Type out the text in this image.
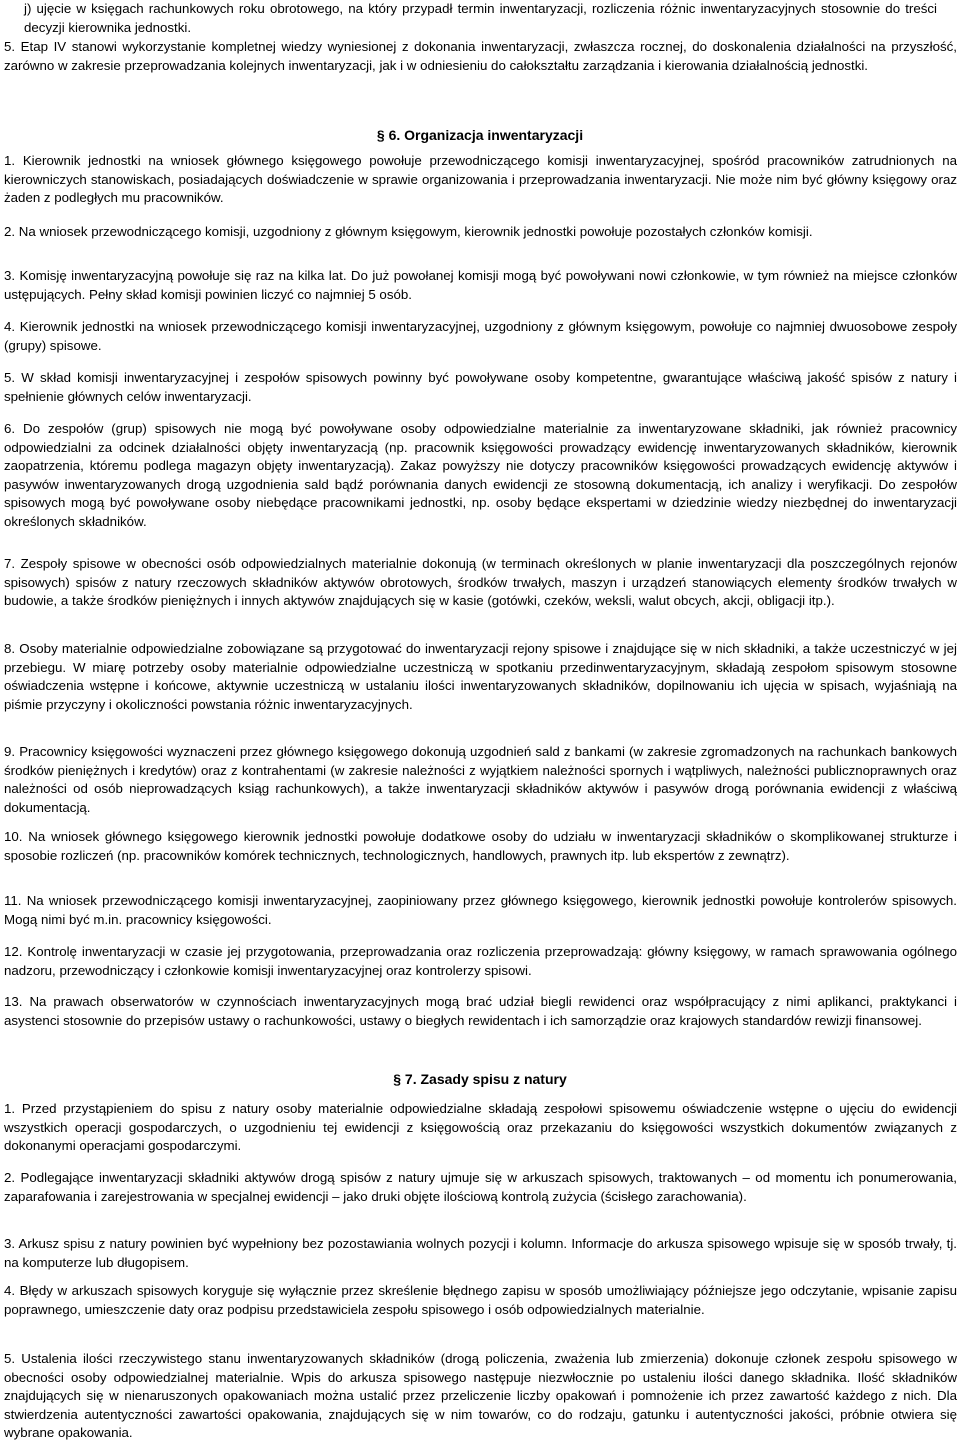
j) ujęcie w księgach rachunkowych roku obrotowego, na który przypadł termin inwentaryzacji, rozliczenia różnic inwentaryzacyjnych stosownie do treści decyzji kierownika jednostki.

5. Etap IV stanowi wykorzystanie kompletnej wiedzy wyniesionej z dokonania inwentaryzacji, zwłaszcza rocznej, do doskonalenia działalności na przyszłość, zarówno w zakresie przeprowadzania kolejnych inwentaryzacji, jak i w odniesieniu do całokształtu zarządzania i kierowania działalnością jednostki.

§ 6. Organizacja inwentaryzacji

1. Kierownik jednostki na wniosek głównego księgowego powołuje przewodniczącego komisji inwentaryzacyjnej, spośród pracowników zatrudnionych na kierowniczych stanowiskach, posiadających doświadczenie w sprawie organizowania i przeprowadzania inwentaryzacji. Nie może nim być główny księgowy oraz żaden z podległych mu pracowników.

2. Na wniosek przewodniczącego komisji, uzgodniony z głównym księgowym, kierownik jednostki powołuje pozostałych członków komisji.

3. Komisję inwentaryzacyjną powołuje się raz na kilka lat. Do już powołanej komisji mogą być powoływani nowi członkowie, w tym również na miejsce członków ustępujących. Pełny skład komisji powinien liczyć co najmniej 5 osób.

4. Kierownik jednostki na wniosek przewodniczącego komisji inwentaryzacyjnej, uzgodniony z głównym księgowym, powołuje co najmniej dwuosobowe zespoły (grupy) spisowe.

5. W skład komisji inwentaryzacyjnej i zespołów spisowych powinny być powoływane osoby kompetentne, gwarantujące właściwą jakość spisów z natury i spełnienie głównych celów inwentaryzacji.

6. Do zespołów (grup) spisowych nie mogą być powoływane osoby odpowiedzialne materialnie za inwentaryzowane składniki, jak również pracownicy odpowiedzialni za odcinek działalności objęty inwentaryzacją (np. pracownik księgowości prowadzący ewidencję inwentaryzowanych składników, kierownik zaopatrzenia, któremu podlega magazyn objęty inwentaryzacją). Zakaz powyższy nie dotyczy pracowników księgowości prowadzących ewidencję aktywów i pasywów inwentaryzowanych drogą uzgodnienia sald bądź porównania danych ewidencji ze stosowną dokumentacją, ich analizy i weryfikacji. Do zespołów spisowych mogą być powoływane osoby niebędące pracownikami jednostki, np. osoby będące ekspertami w dziedzinie wiedzy niezbędnej do inwentaryzacji określonych składników.

7. Zespoły spisowe w obecności osób odpowiedzialnych materialnie dokonują (w terminach określonych w planie inwentaryzacji dla poszczególnych rejonów spisowych) spisów z natury rzeczowych składników aktywów obrotowych, środków trwałych, maszyn i urządzeń stanowiących elementy środków trwałych w budowie, a także środków pieniężnych i innych aktywów znajdujących się w kasie (gotówki, czeków, weksli, walut obcych, akcji, obligacji itp.).

8. Osoby materialnie odpowiedzialne zobowiązane są przygotować do inwentaryzacji rejony spisowe i znajdujące się w nich składniki, a także uczestniczyć w jej przebiegu. W miarę potrzeby osoby materialnie odpowiedzialne uczestniczą w spotkaniu przedinwentaryzacyjnym, składają zespołom spisowym stosowne oświadczenia wstępne i końcowe, aktywnie uczestniczą w ustalaniu ilości inwentaryzowanych składników, dopilnowaniu ich ujęcia w spisach, wyjaśniają na piśmie przyczyny i okoliczności powstania różnic inwentaryzacyjnych.

9. Pracownicy księgowości wyznaczeni przez głównego księgowego dokonują uzgodnień sald z bankami (w zakresie zgromadzonych na rachunkach bankowych środków pieniężnych i kredytów) oraz z kontrahentami (w zakresie należności z wyjątkiem należności spornych i wątpliwych, należności publicznoprawnych oraz należności od osób nieprowadzących ksiąg rachunkowych), a także inwentaryzacji składników aktywów i pasywów drogą porównania ewidencji z właściwą dokumentacją.

10. Na wniosek głównego księgowego kierownik jednostki powołuje dodatkowe osoby do udziału w inwentaryzacji składników o skomplikowanej strukturze i sposobie rozliczeń (np. pracowników komórek technicznych, technologicznych, handlowych, prawnych itp. lub ekspertów z zewnątrz).

11. Na wniosek przewodniczącego komisji inwentaryzacyjnej, zaopiniowany przez głównego księgowego, kierownik jednostki powołuje kontrolerów spisowych. Mogą nimi być m.in. pracownicy księgowości.

12. Kontrolę inwentaryzacji w czasie jej przygotowania, przeprowadzania oraz rozliczenia przeprowadzają: główny księgowy, w ramach sprawowania ogólnego nadzoru, przewodniczący i członkowie komisji inwentaryzacyjnej oraz kontrolerzy spisowi.

13. Na prawach obserwatorów w czynnościach inwentaryzacyjnych mogą brać udział biegli rewidenci oraz współpracujący z nimi aplikanci, praktykanci i asystenci stosownie do przepisów ustawy o rachunkowości, ustawy o biegłych rewidentach i ich samorządzie oraz krajowych standardów rewizji finansowej.

§ 7. Zasady spisu z natury

1. Przed przystąpieniem do spisu z natury osoby materialnie odpowiedzialne składają zespołowi spisowemu oświadczenie wstępne o ujęciu do ewidencji wszystkich operacji gospodarczych, o uzgodnieniu tej ewidencji z księgowością oraz przekazaniu do księgowości wszystkich dokumentów związanych z dokonanymi operacjami gospodarczymi.

2. Podlegające inwentaryzacji składniki aktywów drogą spisów z natury ujmuje się w arkuszach spisowych, traktowanych – od momentu ich ponumerowania, zaparafowania i zarejestrowania w specjalnej ewidencji – jako druki objęte ilościową kontrolą zużycia (ścisłego zarachowania).

3. Arkusz spisu z natury powinien być wypełniony bez pozostawiania wolnych pozycji i kolumn. Informacje do arkusza spisowego wpisuje się w sposób trwały, tj. na komputerze lub długopisem.

4. Błędy w arkuszach spisowych koryguje się wyłącznie przez skreślenie błędnego zapisu w sposób umożliwiający późniejsze jego odczytanie, wpisanie zapisu poprawnego, umieszczenie daty oraz podpisu przedstawiciela zespołu spisowego i osób odpowiedzialnych materialnie.

5. Ustalenia ilości rzeczywistego stanu inwentaryzowanych składników (drogą policzenia, zważenia lub zmierzenia) dokonuje członek zespołu spisowego w obecności osoby odpowiedzialnej materialnie. Wpis do arkusza spisowego następuje niezwłocznie po ustaleniu ilości danego składnika. Ilość składników znajdujących się w nienaruszonych opakowaniach można ustalić przez przeliczenie liczby opakowań i pomnożenie ich przez zawartość każdego z nich. Dla stwierdzenia autentyczności zawartości opakowania, znajdujących się w nim towarów, co do rodzaju, gatunku i autentyczności jakości, próbnie otwiera się wybrane opakowania.
